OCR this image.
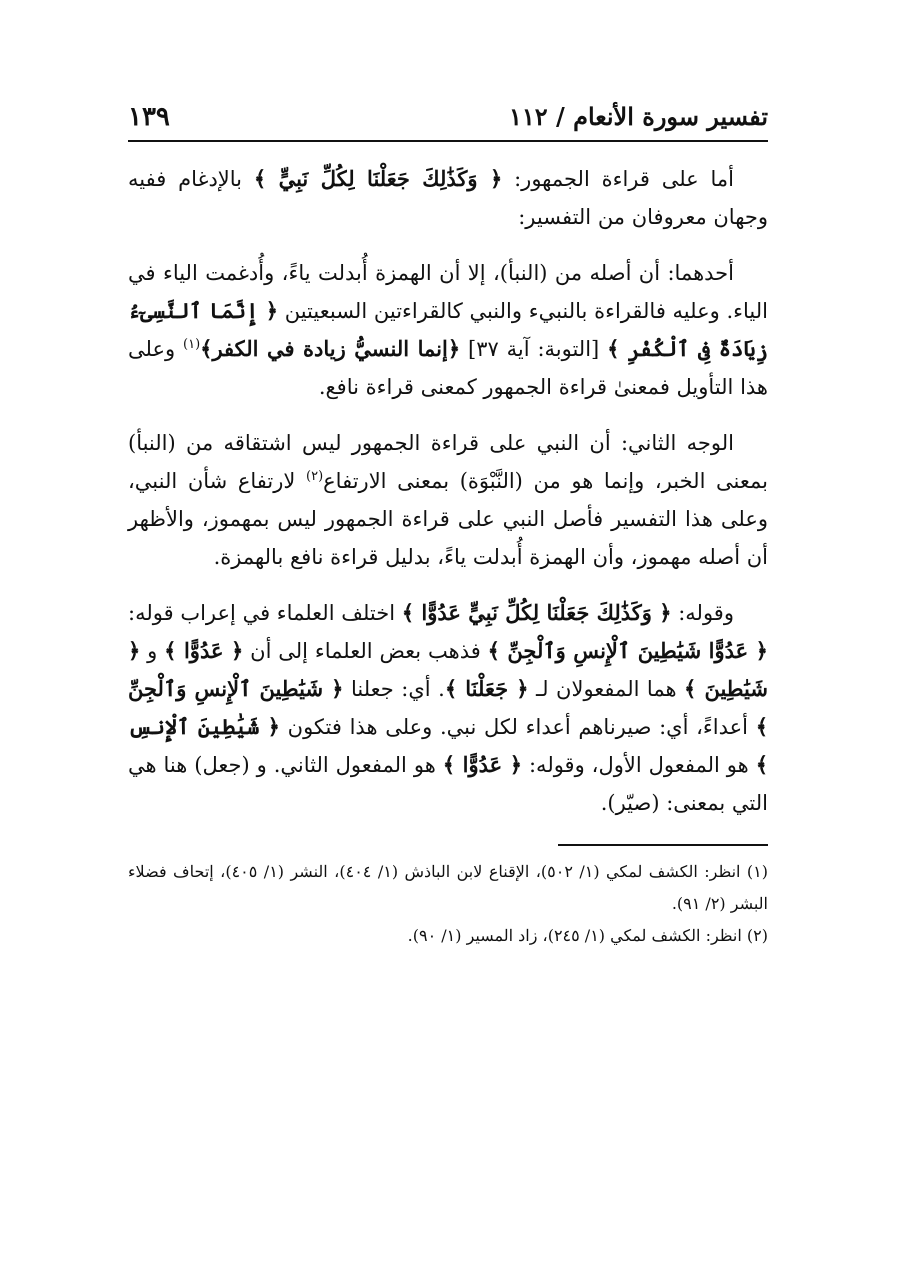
تفسير سورة الأنعام / ١١٢
١٣٩

أما على قراءة الجمهور: ﴿ وَكَذَٰلِكَ جَعَلْنَا لِكُلِّ نَبِيٍّ ﴾ بالإدغام ففيه وجهان معروفان من التفسير:

أحدهما: أن أصله من (النبأ)، إلا أن الهمزة أُبدلت ياءً، وأُدغمت الياء في الياء. وعليه فالقراءة بالنبيء والنبي كالقراءتين السبعيتين ﴿ إِنَّمَا ٱلنَّسِىٓءُ زِيَادَةٌ فِى ٱلْكُفْرِ ﴾ [التوبة: آية ٣٧] ﴿إنما النسيُّ زيادة في الكفر﴾$^{(١)}$ وعلى هذا التأويل فمعنىٰ قراءة الجمهور كمعنى قراءة نافع.

الوجه الثاني: أن النبي على قراءة الجمهور ليس اشتقاقه من (النبأ) بمعنى الخبر، وإنما هو من (النَّبْوَة) بمعنى الارتفاع$^{(٢)}$ لارتفاع شأن النبي، وعلى هذا التفسير فأصل النبي على قراءة الجمهور ليس بمهموز، والأظهر أن أصله مهموز، وأن الهمزة أُبدلت ياءً، بدليل قراءة نافع بالهمزة.

وقوله: ﴿ وَكَذَٰلِكَ جَعَلْنَا لِكُلِّ نَبِيٍّ عَدُوًّا ﴾ اختلف العلماء في إعراب قوله: ﴿ عَدُوًّا شَيَٰطِينَ ٱلْإِنسِ وَٱلْجِنِّ ﴾ فذهب بعض العلماء إلى أن ﴿ عَدُوًّا ﴾ و ﴿ شَيَٰطِينَ ﴾ هما المفعولان لـ ﴿ جَعَلْنَا ﴾. أي: جعلنا ﴿ شَيَٰطِينَ ٱلْإِنسِ وَٱلْجِنِّ ﴾ أعداءً، أي: صيرناهم أعداء لكل نبي. وعلى هذا فتكون ﴿ شَيَٰطِينَ ٱلْإِنسِ ﴾ هو المفعول الأول، وقوله: ﴿ عَدُوًّا ﴾ هو المفعول الثاني. و (جعل) هنا هي التي بمعنى: (صيّر).

(١) انظر: الكشف لمكي (١/ ٥٠٢)، الإقناع لابن الباذش (١/ ٤٠٤)، النشر (١/ ٤٠٥)، إتحاف فضلاء البشر (٢/ ٩١).

(٢) انظر: الكشف لمكي (١/ ٢٤٥)، زاد المسير (١/ ٩٠).
